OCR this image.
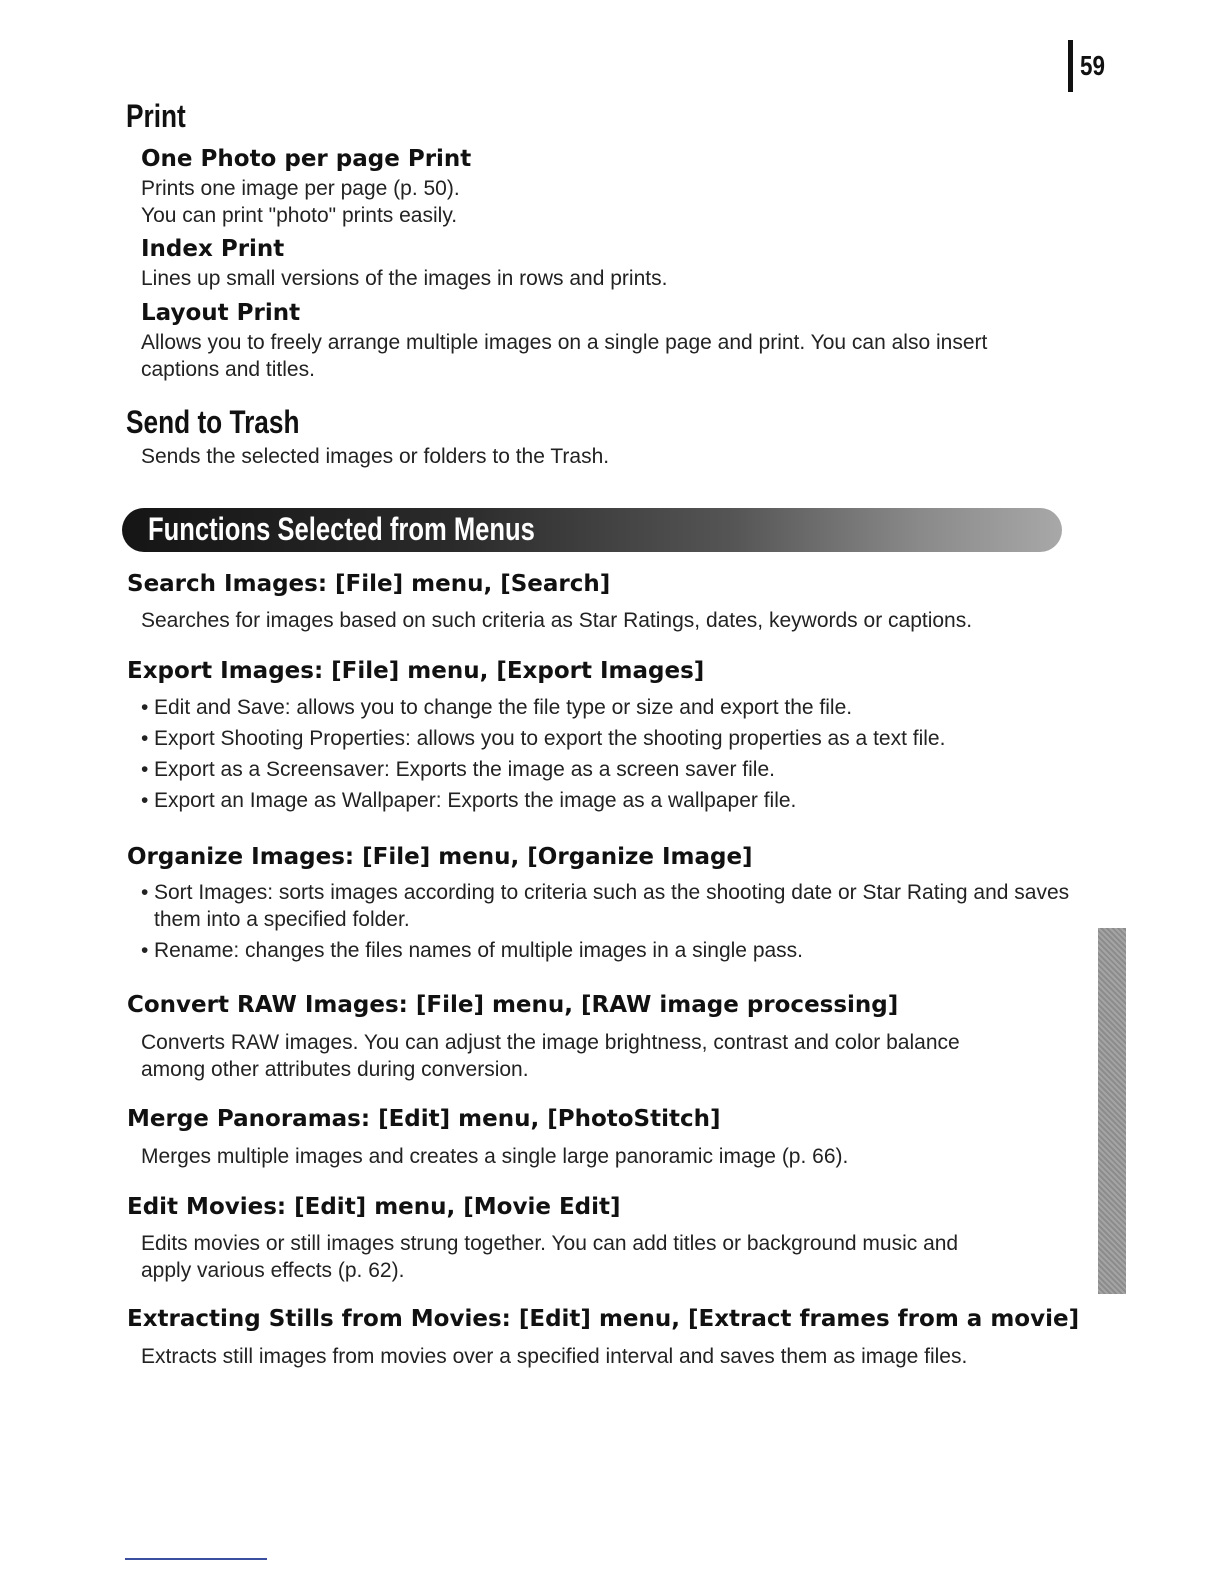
59
Print
One Photo per page Print
Prints one image per page (p. 50).
You can print "photo" prints easily.
Index Print
Lines up small versions of the images in rows and prints.
Layout Print
Allows you to freely arrange multiple images on a single page and print. You can also insert
captions and titles.
Send to Trash
Sends the selected images or folders to the Trash.
Functions Selected from Menus
Search Images: [File] menu, [Search]
Searches for images based on such criteria as Star Ratings, dates, keywords or captions.
Export Images: [File] menu, [Export Images]
• Edit and Save: allows you to change the file type or size and export the file.
• Export Shooting Properties: allows you to export the shooting properties as a text file.
• Export as a Screensaver: Exports the image as a screen saver file.
• Export an Image as Wallpaper: Exports the image as a wallpaper file.
Organize Images: [File] menu, [Organize Image]
• Sort Images: sorts images according to criteria such as the shooting date or Star Rating and saves them into a specified folder.
• Rename: changes the files names of multiple images in a single pass.
Convert RAW Images: [File] menu, [RAW image processing]
Converts RAW images. You can adjust the image brightness, contrast and color balance
among other attributes during conversion.
Merge Panoramas: [Edit] menu, [PhotoStitch]
Merges multiple images and creates a single large panoramic image (p. 66).
Edit Movies: [Edit] menu, [Movie Edit]
Edits movies or still images strung together. You can add titles or background music and
apply various effects (p. 62).
Extracting Stills from Movies: [Edit] menu, [Extract frames from a movie]
Extracts still images from movies over a specified interval and saves them as image files.
